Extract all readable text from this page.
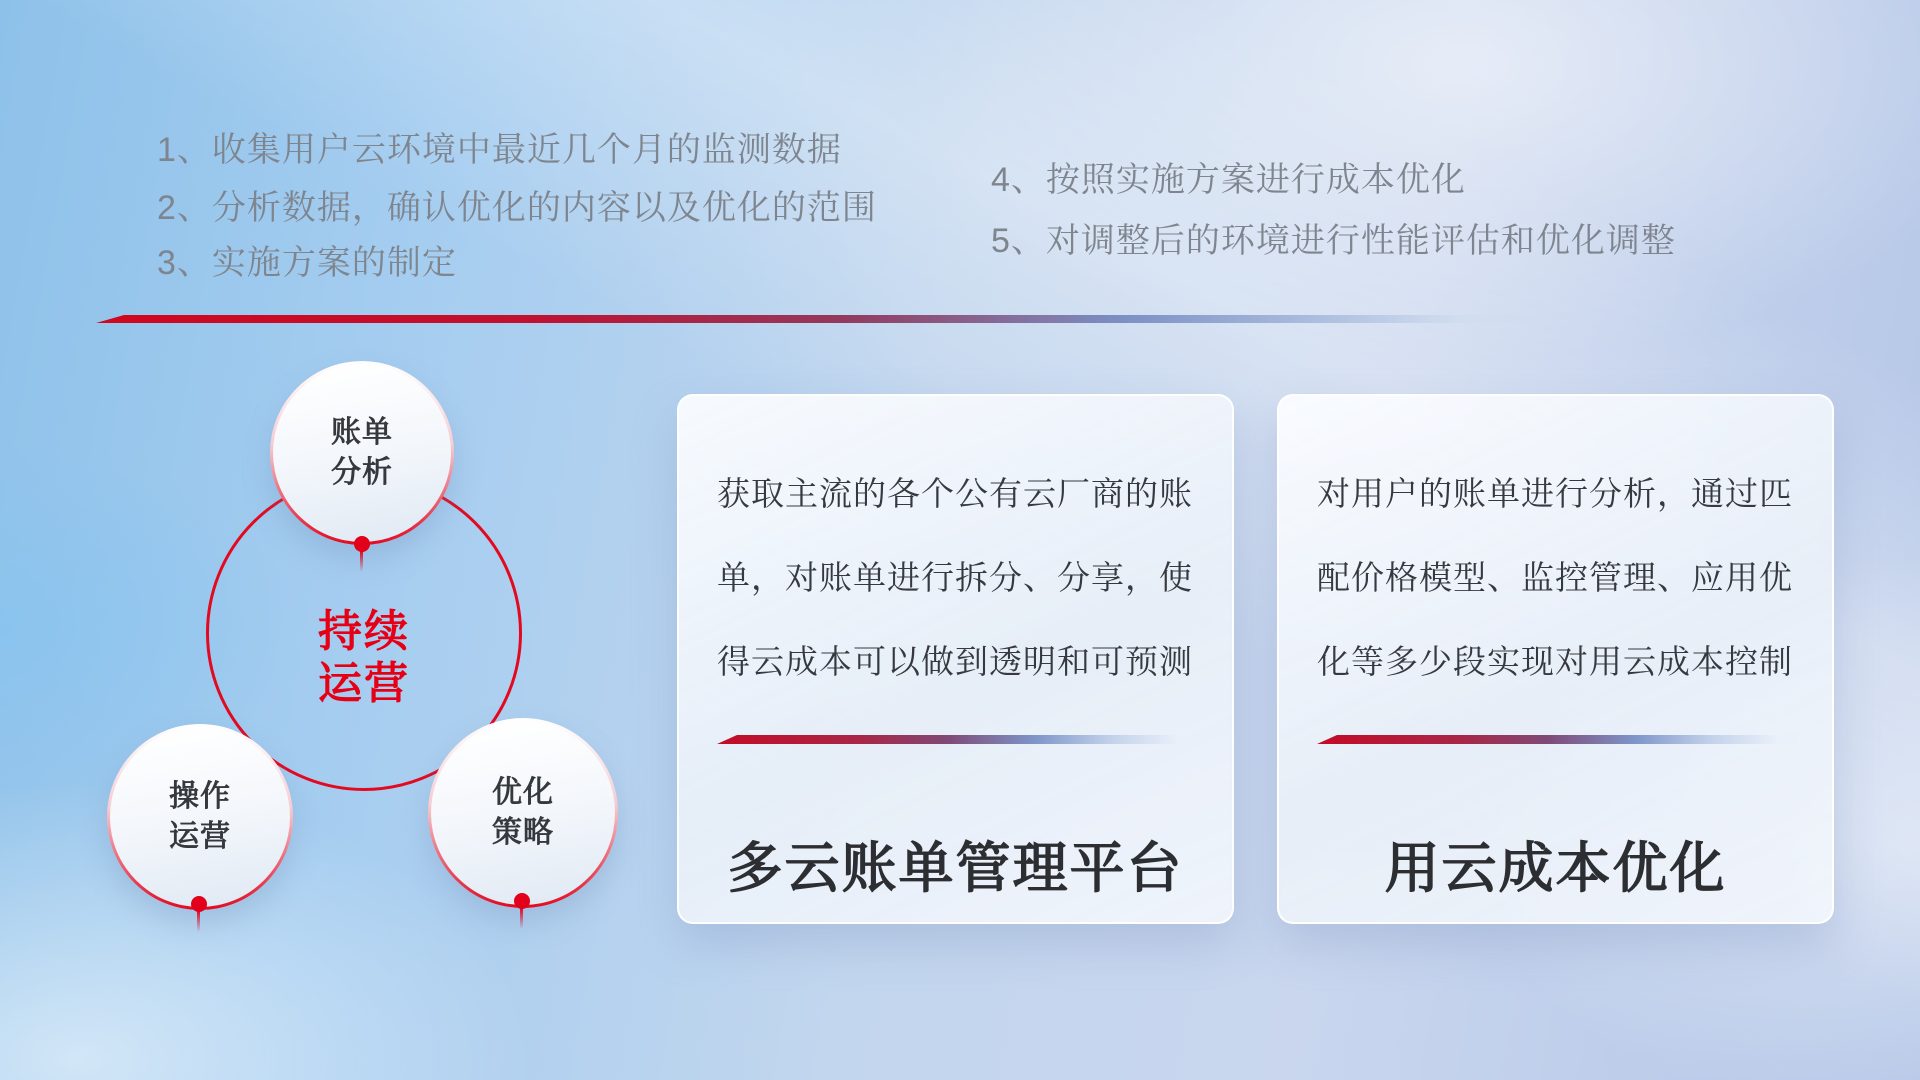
1、收集用户云环境中最近几个月的监测数据
2、分析数据，确认优化的内容以及优化的范围
3、实施方案的制定
4、按照实施方案进行成本优化
5、对调整后的环境进行性能评估和优化调整
持续
运营
账单
分析
操作
运营
优化
策略
获取主流的各个公有云厂商的账
单，对账单进行拆分、分享，使
得云成本可以做到透明和可预测
多云账单管理平台
对用户的账单进行分析，通过匹
配价格模型、监控管理、应用优
化等多少段实现对用云成本控制
用云成本优化
